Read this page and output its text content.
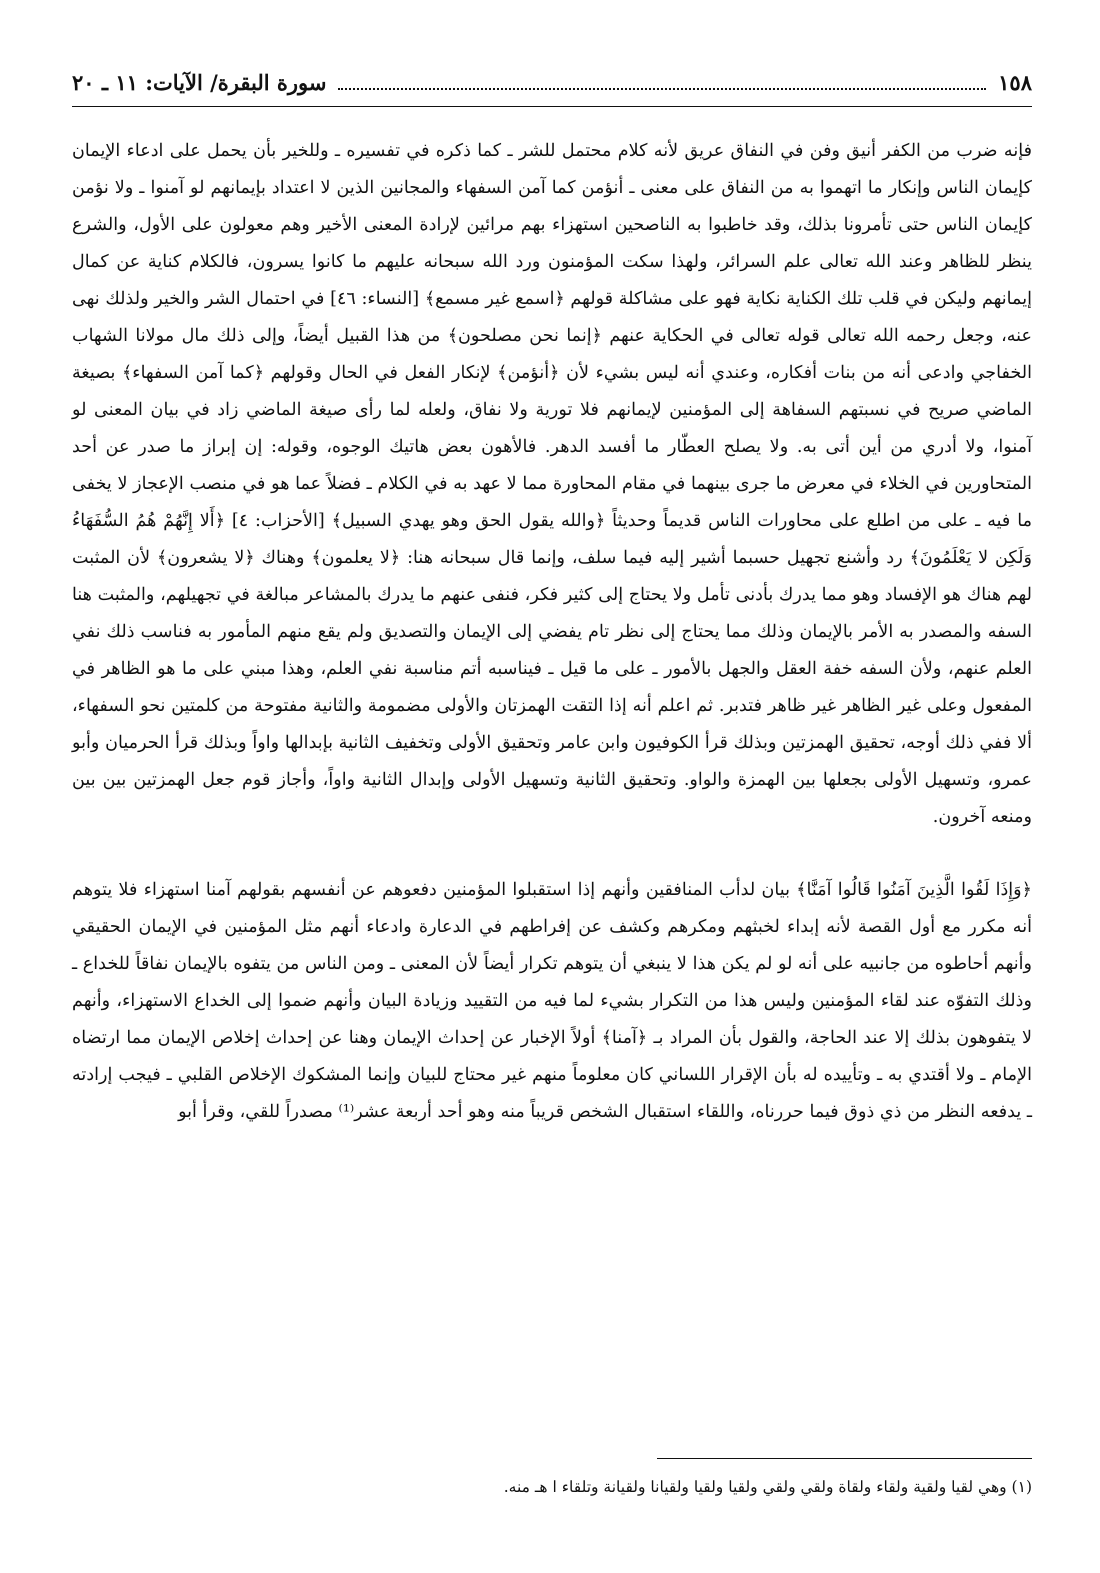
١٥٨
سورة البقرة/ الآيات: ١١ ـ ٢٠

فإنه ضرب من الكفر أنيق وفن في النفاق عريق لأنه كلام محتمل للشر ـ كما ذكره في تفسيره ـ وللخير بأن يحمل على ادعاء الإيمان كإيمان الناس وإنكار ما اتهموا به من النفاق على معنى ـ أنؤمن كما آمن السفهاء والمجانين الذين لا اعتداد بإيمانهم لو آمنوا ـ ولا نؤمن كإيمان الناس حتى تأمرونا بذلك، وقد خاطبوا به الناصحين استهزاء بهم مرائين لإرادة المعنى الأخير وهم معولون على الأول، والشرع ينظر للظاهر وعند الله تعالى علم السرائر، ولهذا سكت المؤمنون ورد الله سبحانه عليهم ما كانوا يسرون، فالكلام كناية عن كمال إيمانهم وليكن في قلب تلك الكناية نكاية فهو على مشاكلة قولهم ﴿اسمع غير مسمع﴾ [النساء: ٤٦] في احتمال الشر والخير ولذلك نهى عنه، وجعل رحمه الله تعالى قوله تعالى في الحكاية عنهم ﴿إنما نحن مصلحون﴾ من هذا القبيل أيضاً، وإلى ذلك مال مولانا الشهاب الخفاجي وادعى أنه من بنات أفكاره، وعندي أنه ليس بشيء لأن ﴿أنؤمن﴾ لإنكار الفعل في الحال وقولهم ﴿كما آمن السفهاء﴾ بصيغة الماضي صريح في نسبتهم السفاهة إلى المؤمنين لإيمانهم فلا تورية ولا نفاق، ولعله لما رأى صيغة الماضي زاد في بيان المعنى لو آمنوا، ولا أدري من أين أتى به. ولا يصلح العطّار ما أفسد الدهر. فالأهون بعض هاتيك الوجوه، وقوله: إن إبراز ما صدر عن أحد المتحاورين في الخلاء في معرض ما جرى بينهما في مقام المحاورة مما لا عهد به في الكلام ـ فضلاً عما هو في منصب الإعجاز لا يخفى ما فيه ـ على من اطلع على محاورات الناس قديماً وحديثاً ﴿والله يقول الحق وهو يهدي السبيل﴾ [الأحزاب: ٤] ﴿أَلا إِنَّهُمْ هُمُ السُّفَهَاءُ وَلَكِن لا يَعْلَمُونَ﴾ رد وأشنع تجهيل حسبما أشير إليه فيما سلف، وإنما قال سبحانه هنا: ﴿لا يعلمون﴾ وهناك ﴿لا يشعرون﴾ لأن المثبت لهم هناك هو الإفساد وهو مما يدرك بأدنى تأمل ولا يحتاج إلى كثير فكر، فنفى عنهم ما يدرك بالمشاعر مبالغة في تجهيلهم، والمثبت هنا السفه والمصدر به الأمر بالإيمان وذلك مما يحتاج إلى نظر تام يفضي إلى الإيمان والتصديق ولم يقع منهم المأمور به فناسب ذلك نفي العلم عنهم، ولأن السفه خفة العقل والجهل بالأمور ـ على ما قيل ـ فيناسبه أتم مناسبة نفي العلم، وهذا مبني على ما هو الظاهر في المفعول وعلى غير الظاهر غير ظاهر فتدبر. ثم اعلم أنه إذا التقت الهمزتان والأولى مضمومة والثانية مفتوحة من كلمتين نحو السفهاء، ألا ففي ذلك أوجه، تحقيق الهمزتين وبذلك قرأ الكوفيون وابن عامر وتحقيق الأولى وتخفيف الثانية بإبدالها واواً وبذلك قرأ الحرميان وأبو عمرو، وتسهيل الأولى بجعلها بين الهمزة والواو. وتحقيق الثانية وتسهيل الأولى وإبدال الثانية واواً، وأجاز قوم جعل الهمزتين بين بين ومنعه آخرون.

﴿وَإِذَا لَقُوا الَّذِينَ آمَنُوا قَالُوا آمَنَّا﴾ بيان لدأب المنافقين وأنهم إذا استقبلوا المؤمنين دفعوهم عن أنفسهم بقولهم آمنا استهزاء فلا يتوهم أنه مكرر مع أول القصة لأنه إبداء لخبثهم ومكرهم وكشف عن إفراطهم في الدعارة وادعاء أنهم مثل المؤمنين في الإيمان الحقيقي وأنهم أحاطوه من جانبيه على أنه لو لم يكن هذا لا ينبغي أن يتوهم تكرار أيضاً لأن المعنى ـ ومن الناس من يتفوه بالإيمان نفاقاً للخداع ـ وذلك التفوّه عند لقاء المؤمنين وليس هذا من التكرار بشيء لما فيه من التقييد وزيادة البيان وأنهم ضموا إلى الخداع الاستهزاء، وأنهم لا يتفوهون بذلك إلا عند الحاجة، والقول بأن المراد بـ ﴿آمنا﴾ أولاً الإخبار عن إحداث الإيمان وهنا عن إحداث إخلاص الإيمان مما ارتضاه الإمام ـ ولا أقتدي به ـ وتأييده له بأن الإقرار اللساني كان معلوماً منهم غير محتاج للبيان وإنما المشكوك الإخلاص القلبي ـ فيجب إرادته ـ يدفعه النظر من ذي ذوق فيما حررناه، واللقاء استقبال الشخص قريباً منه وهو أحد أربعة عشر⁽¹⁾ مصدراً للقي، وقرأ أبو

(١) وهي لقيا ولقية ولقاء ولقاة ولقي ولقي ولقيا ولقيا ولقيانا ولقيانة وتلقاء ا هـ منه.
